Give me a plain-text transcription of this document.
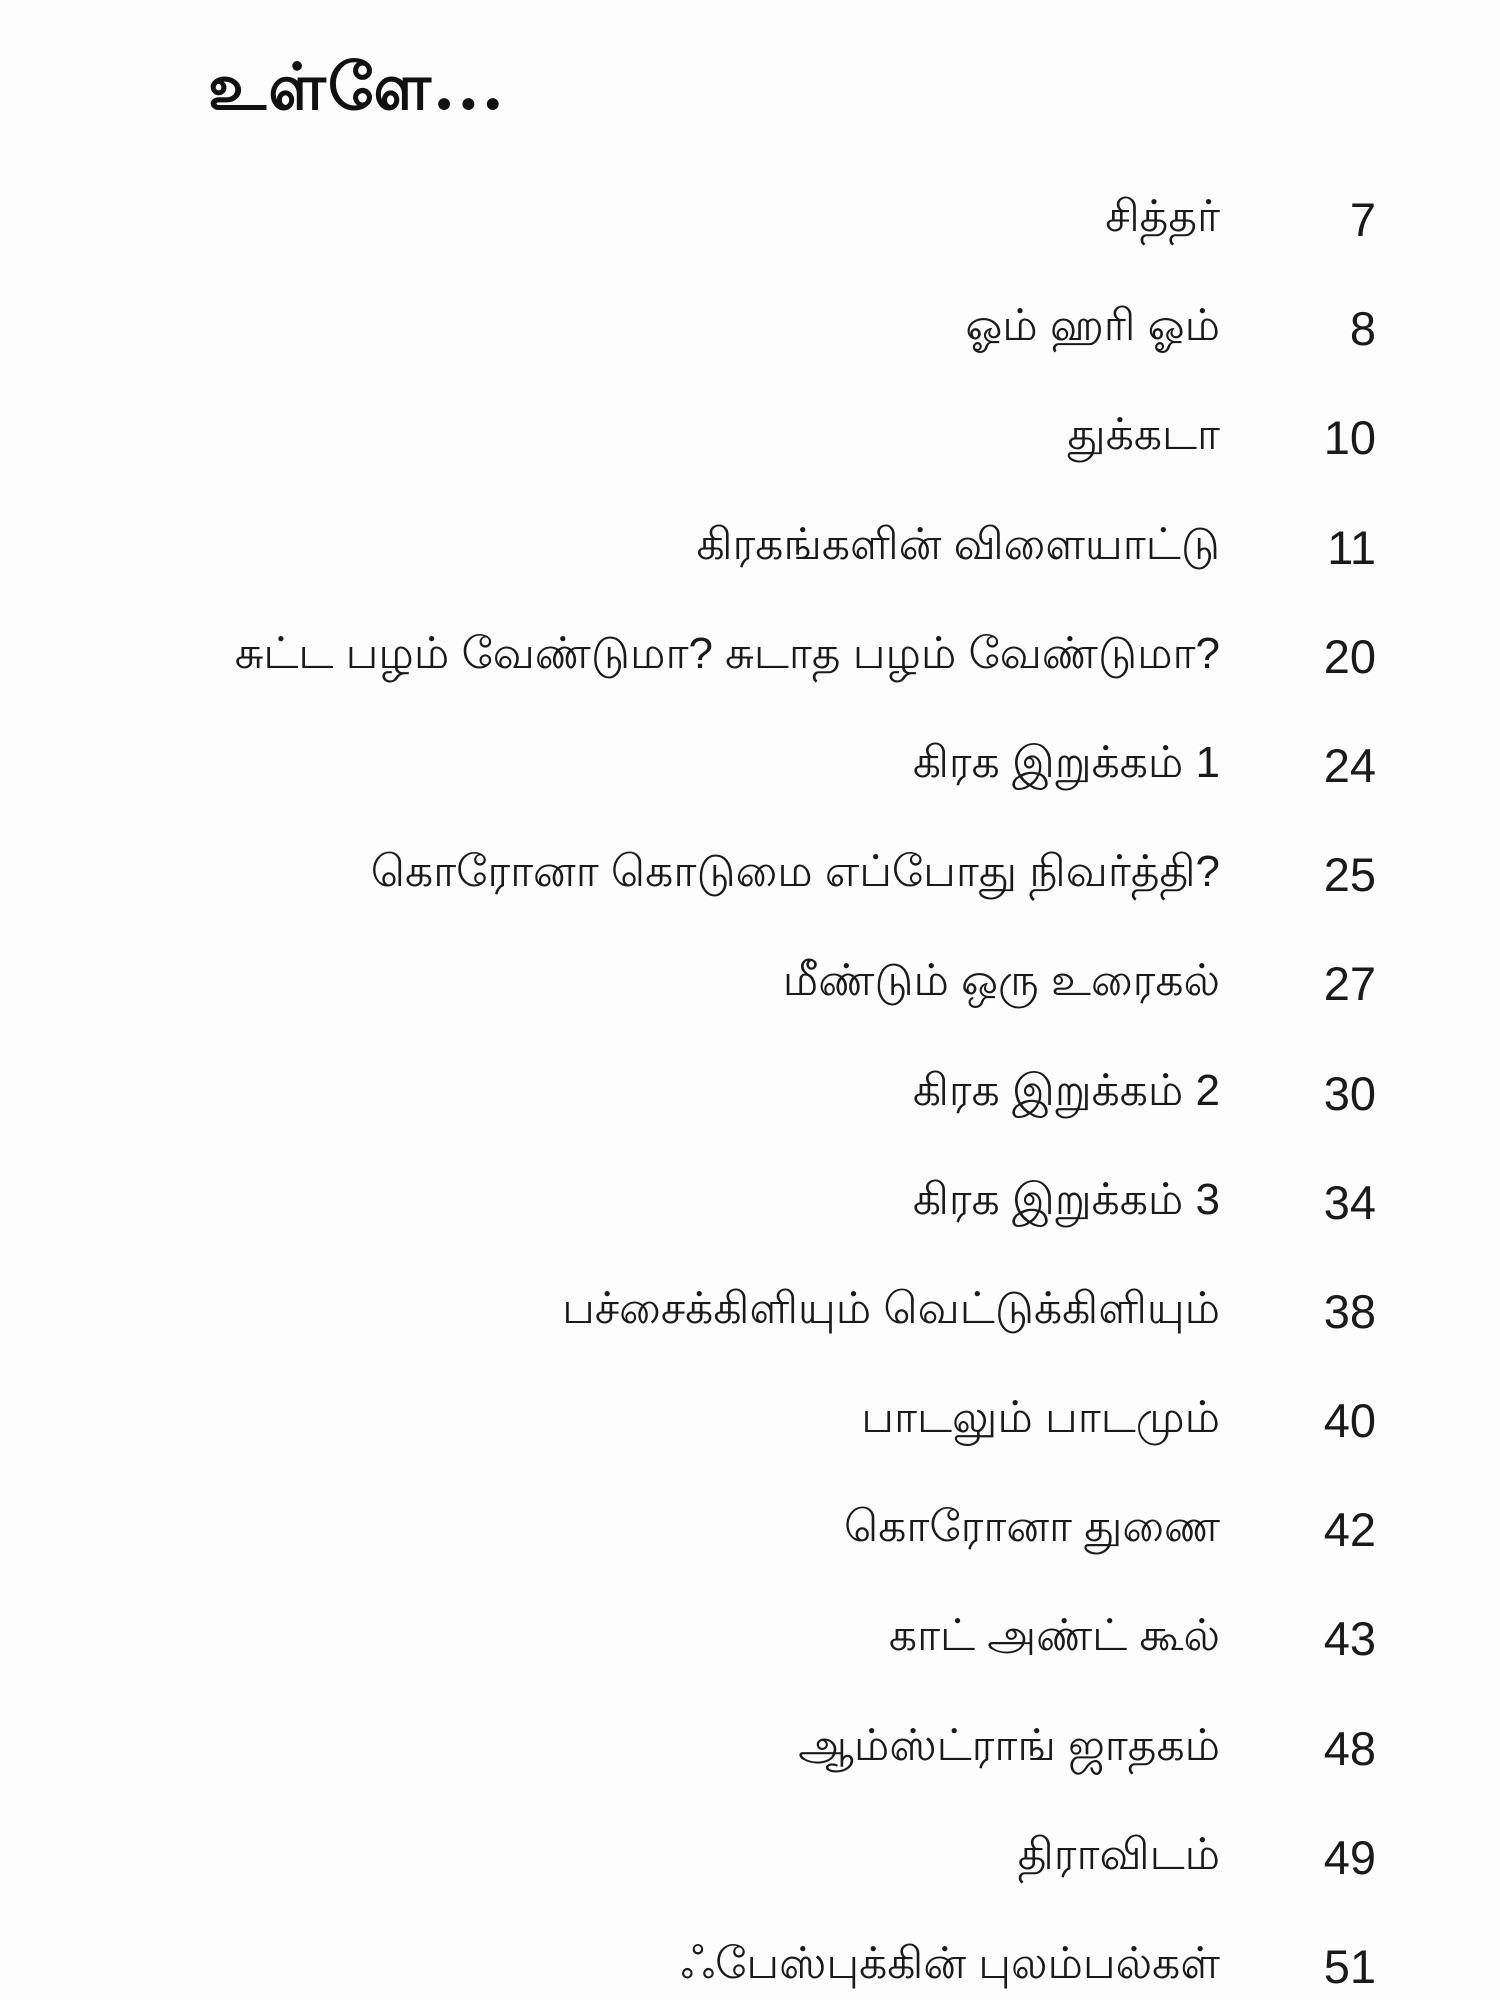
உள்ளே...
சித்தர்	7
ஓம் ஹரி ஓம்	8
துக்கடா 10
கிரகங்களின் விளையாட்டு 11
சுட்ட பழம் வேண்டுமா? சுடாத பழம் வேண்டுமா? 20
கிரக இறுக்கம் 1 24
கொரோனா கொடுமை எப்போது நிவர்த்தி? 25
மீண்டும் ஒரு உரைகல் 27
கிரக இறுக்கம் 2 30
கிரக இறுக்கம் 3 34
பச்சைக்கிளியும் வெட்டுக்கிளியும் 38
பாடலும் பாடமும் 40
கொரோனா துணை 42
காட் அண்ட் கூல் 43
ஆம்ஸ்ட்ராங் ஜாதகம் 48
திராவிடம் 49
ஃபேஸ்புக்கின் புலம்பல்கள் 51
